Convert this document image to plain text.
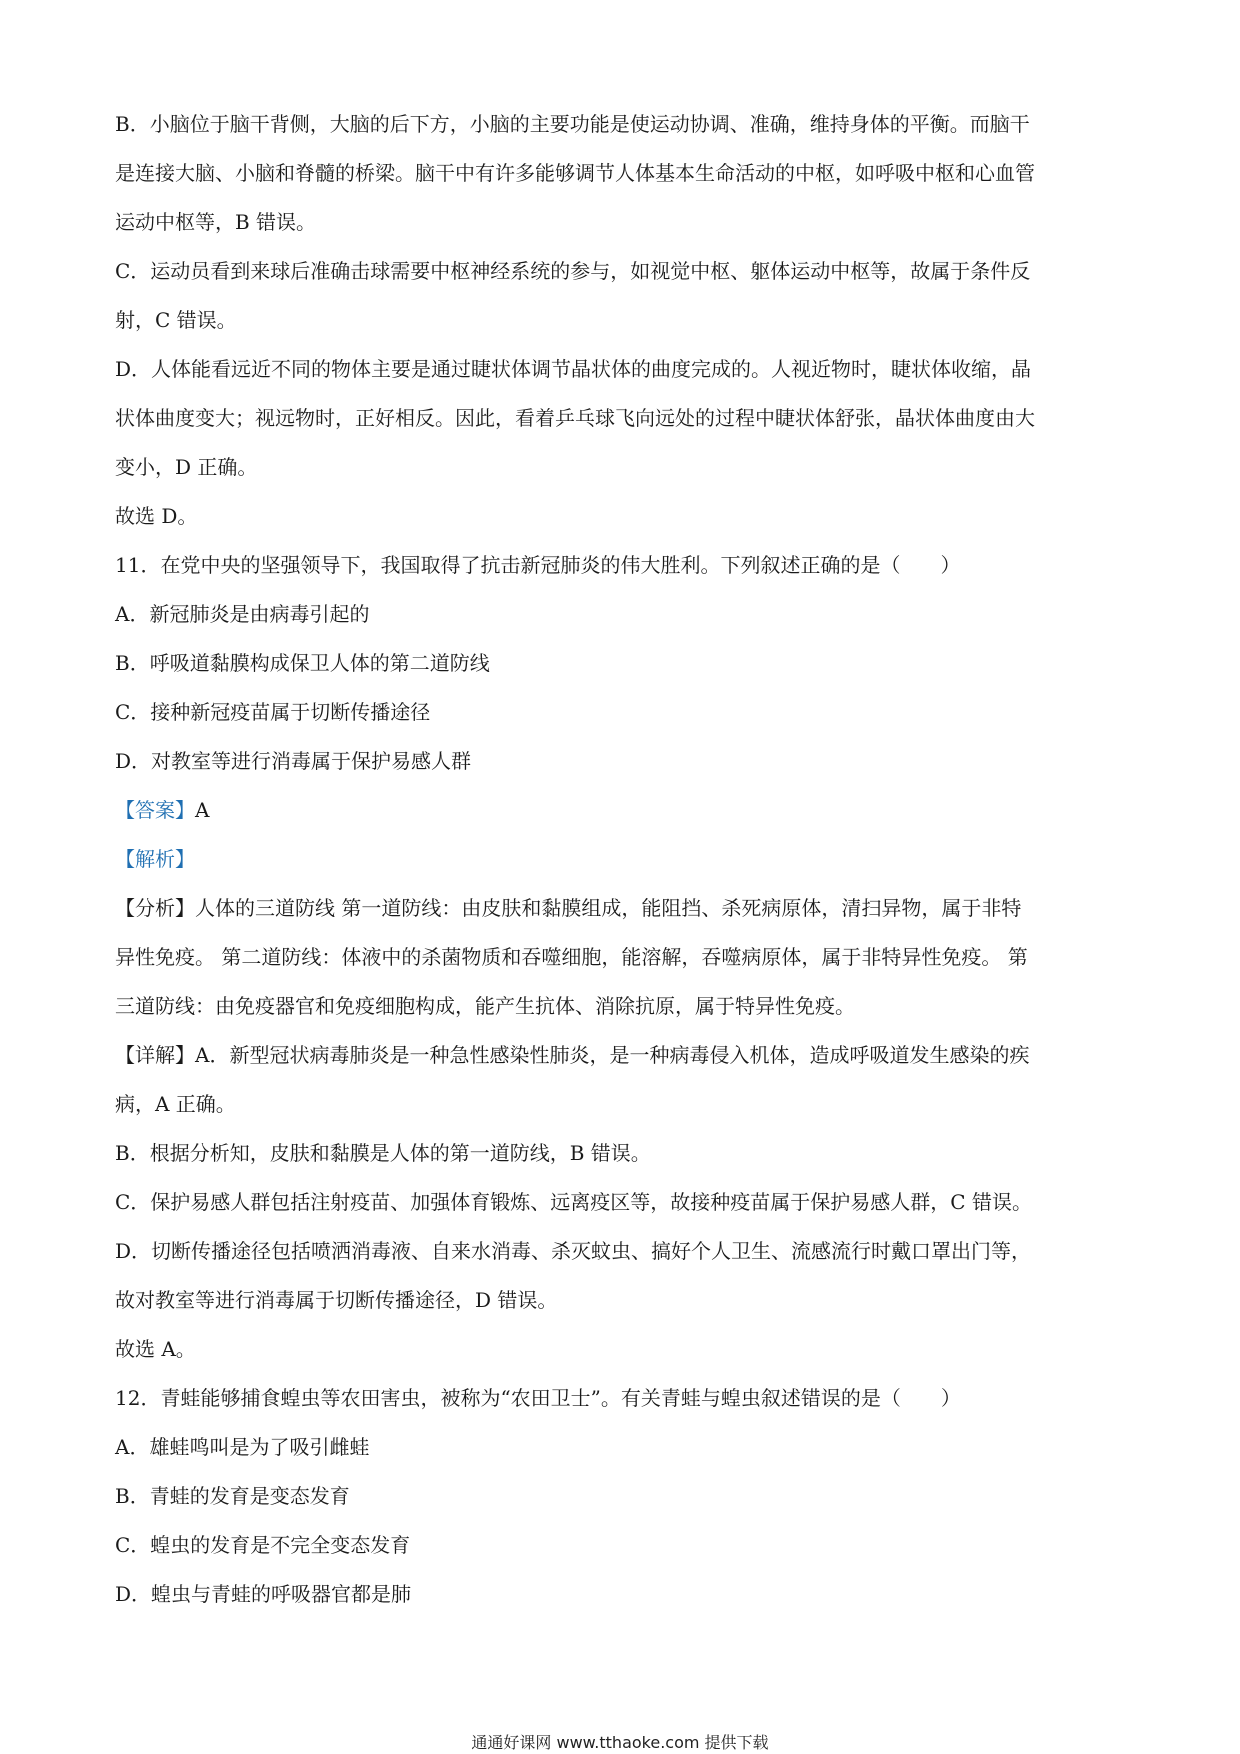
B．小脑位于脑干背侧，大脑的后下方，小脑的主要功能是使运动协调、准确，维持身体的平衡。而脑干

是连接大脑、小脑和脊髓的桥梁。脑干中有许多能够调节人体基本生命活动的中枢，如呼吸中枢和心血管

运动中枢等，B 错误。

C．运动员看到来球后准确击球需要中枢神经系统的参与，如视觉中枢、躯体运动中枢等，故属于条件反

射，C 错误。

D．人体能看远近不同的物体主要是通过睫状体调节晶状体的曲度完成的。人视近物时，睫状体收缩，晶

状体曲度变大；视远物时，正好相反。因此，看着乒乓球飞向远处的过程中睫状体舒张，晶状体曲度由大

变小，D 正确。

故选 D。

11．在党中央的坚强领导下，我国取得了抗击新冠肺炎的伟大胜利。下列叙述正确的是（　　）

A．新冠肺炎是由病毒引起的

B．呼吸道黏膜构成保卫人体的第二道防线

C．接种新冠疫苗属于切断传播途径

D．对教室等进行消毒属于保护易感人群

【答案】A

【解析】

【分析】人体的三道防线 第一道防线：由皮肤和黏膜组成，能阻挡、杀死病原体，清扫异物，属于非特

异性免疫。 第二道防线：体液中的杀菌物质和吞噬细胞，能溶解，吞噬病原体，属于非特异性免疫。 第

三道防线：由免疫器官和免疫细胞构成，能产生抗体、消除抗原，属于特异性免疫。

【详解】A．新型冠状病毒肺炎是一种急性感染性肺炎，是一种病毒侵入机体，造成呼吸道发生感染的疾

病，A 正确。

B．根据分析知，皮肤和黏膜是人体的第一道防线，B 错误。

C．保护易感人群包括注射疫苗、加强体育锻炼、远离疫区等，故接种疫苗属于保护易感人群，C 错误。

D．切断传播途径包括喷洒消毒液、自来水消毒、杀灭蚊虫、搞好个人卫生、流感流行时戴口罩出门等，

故对教室等进行消毒属于切断传播途径，D 错误。

故选 A。

12．青蛙能够捕食蝗虫等农田害虫，被称为“农田卫士”。有关青蛙与蝗虫叙述错误的是（　　）

A．雄蛙鸣叫是为了吸引雌蛙

B．青蛙的发育是变态发育

C．蝗虫的发育是不完全变态发育

D．蝗虫与青蛙的呼吸器官都是肺

通通好课网 www.tthaoke.com 提供下载
